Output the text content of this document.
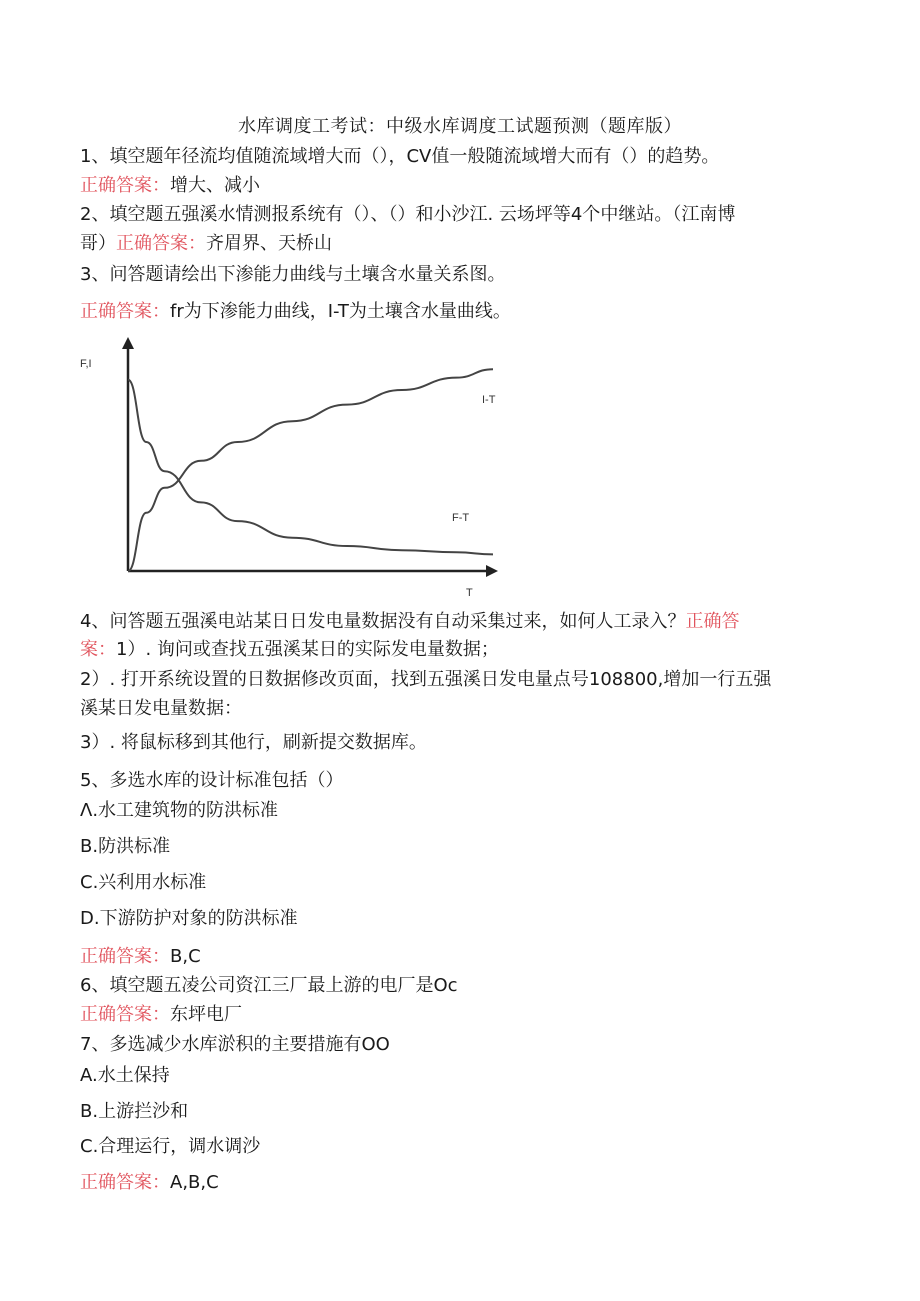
水库调度工考试：中级水库调度工试题预测（题库版）
1、填空题年径流均值随流域增大而（），CV值一般随流域增大而有（）的趋势。
正确答案：增大、减小
2、填空题五强溪水情测报系统有（）、（）和小沙江. 云场坪等4个中继站。（江南博
哥）正确答案：齐眉界、天桥山
3、问答题请绘出下渗能力曲线与土壤含水量关系图。
正确答案：fr为下渗能力曲线，I-T为土壤含水量曲线。
F,I
T
I-T
F-T
4、问答题五强溪电站某日日发电量数据没有自动采集过来，如何人工录入？正确答
案：1）. 询问或查找五强溪某日的实际发电量数据；
2）. 打开系统设置的日数据修改页面，找到五强溪日发电量点号108800,增加一行五强
溪某日发电量数据：
3）. 将鼠标移到其他行，刷新提交数据库。
5、多选水库的设计标准包括（）
Λ.水工建筑物的防洪标准
B.防洪标准
C.兴利用水标准
D.下游防护对象的防洪标准
正确答案：B,C
6、填空题五凌公司资江三厂最上游的电厂是Oc
正确答案：东坪电厂
7、多选减少水库淤积的主要措施有OO
A.水土保持
B.上游拦沙和
C.合理运行，调水调沙
正确答案：A,B,C
